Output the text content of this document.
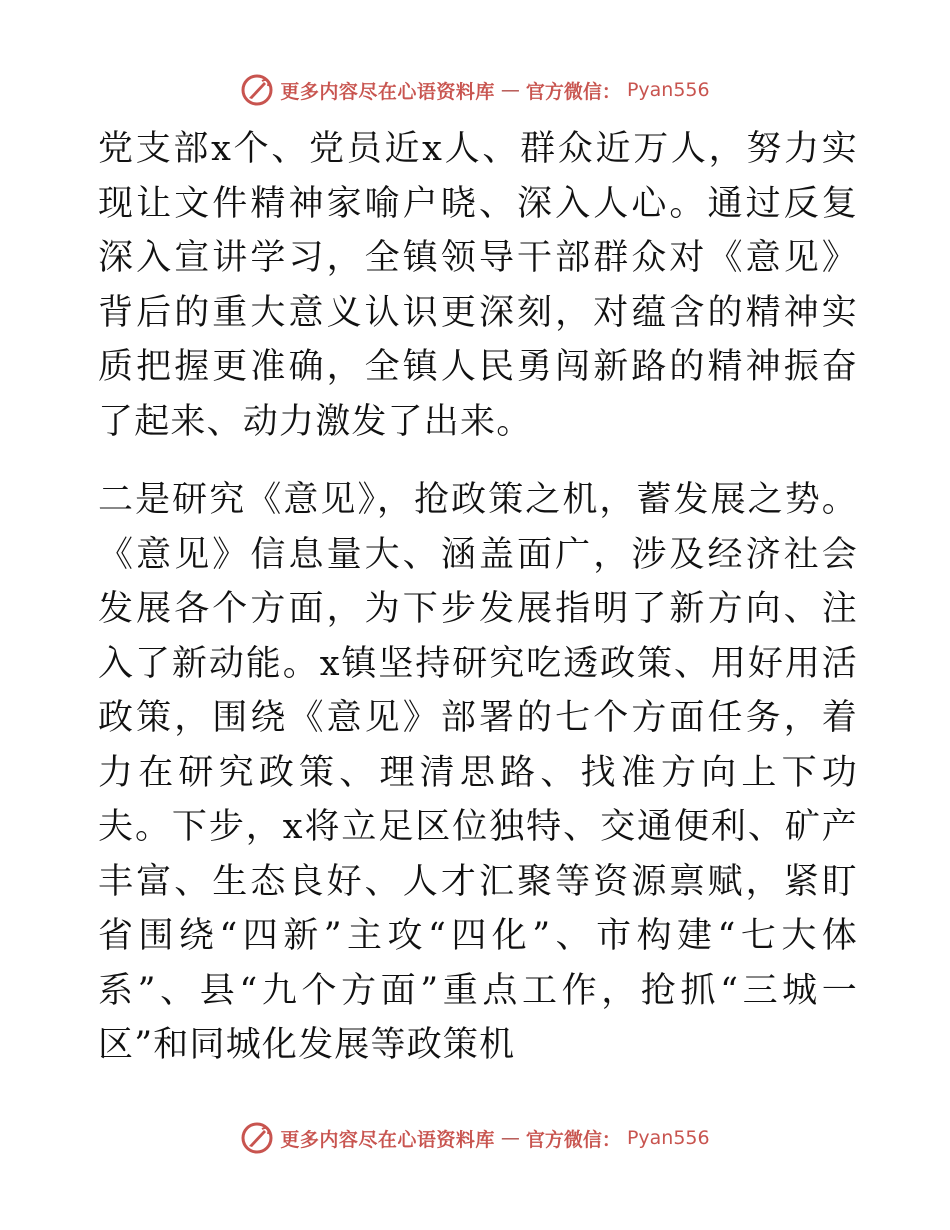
更多内容尽在心语资料库 — 官方微信： Pyan556

党支部x个、党员近x人、群众近万人，努力实现让文件精神家喻户晓、深入人心。通过反复深入宣讲学习，全镇领导干部群众对《意见》背后的重大意义认识更深刻，对蕴含的精神实质把握更准确，全镇人民勇闯新路的精神振奋了起来、动力激发了出来。

二是研究《意见》，抢政策之机，蓄发展之势。《意见》信息量大、涵盖面广，涉及经济社会发展各个方面，为下步发展指明了新方向、注入了新动能。x镇坚持研究吃透政策、用好用活政策，围绕《意见》部署的七个方面任务，着力在研究政策、理清思路、找准方向上下功夫。下步，x将立足区位独特、交通便利、矿产丰富、生态良好、人才汇聚等资源禀赋，紧盯省围绕“四新”主攻“四化”、市构建“七大体系”、县“九个方面”重点工作，抢抓“三城一区”和同城化发展等政策机

更多内容尽在心语资料库 — 官方微信： Pyan556
